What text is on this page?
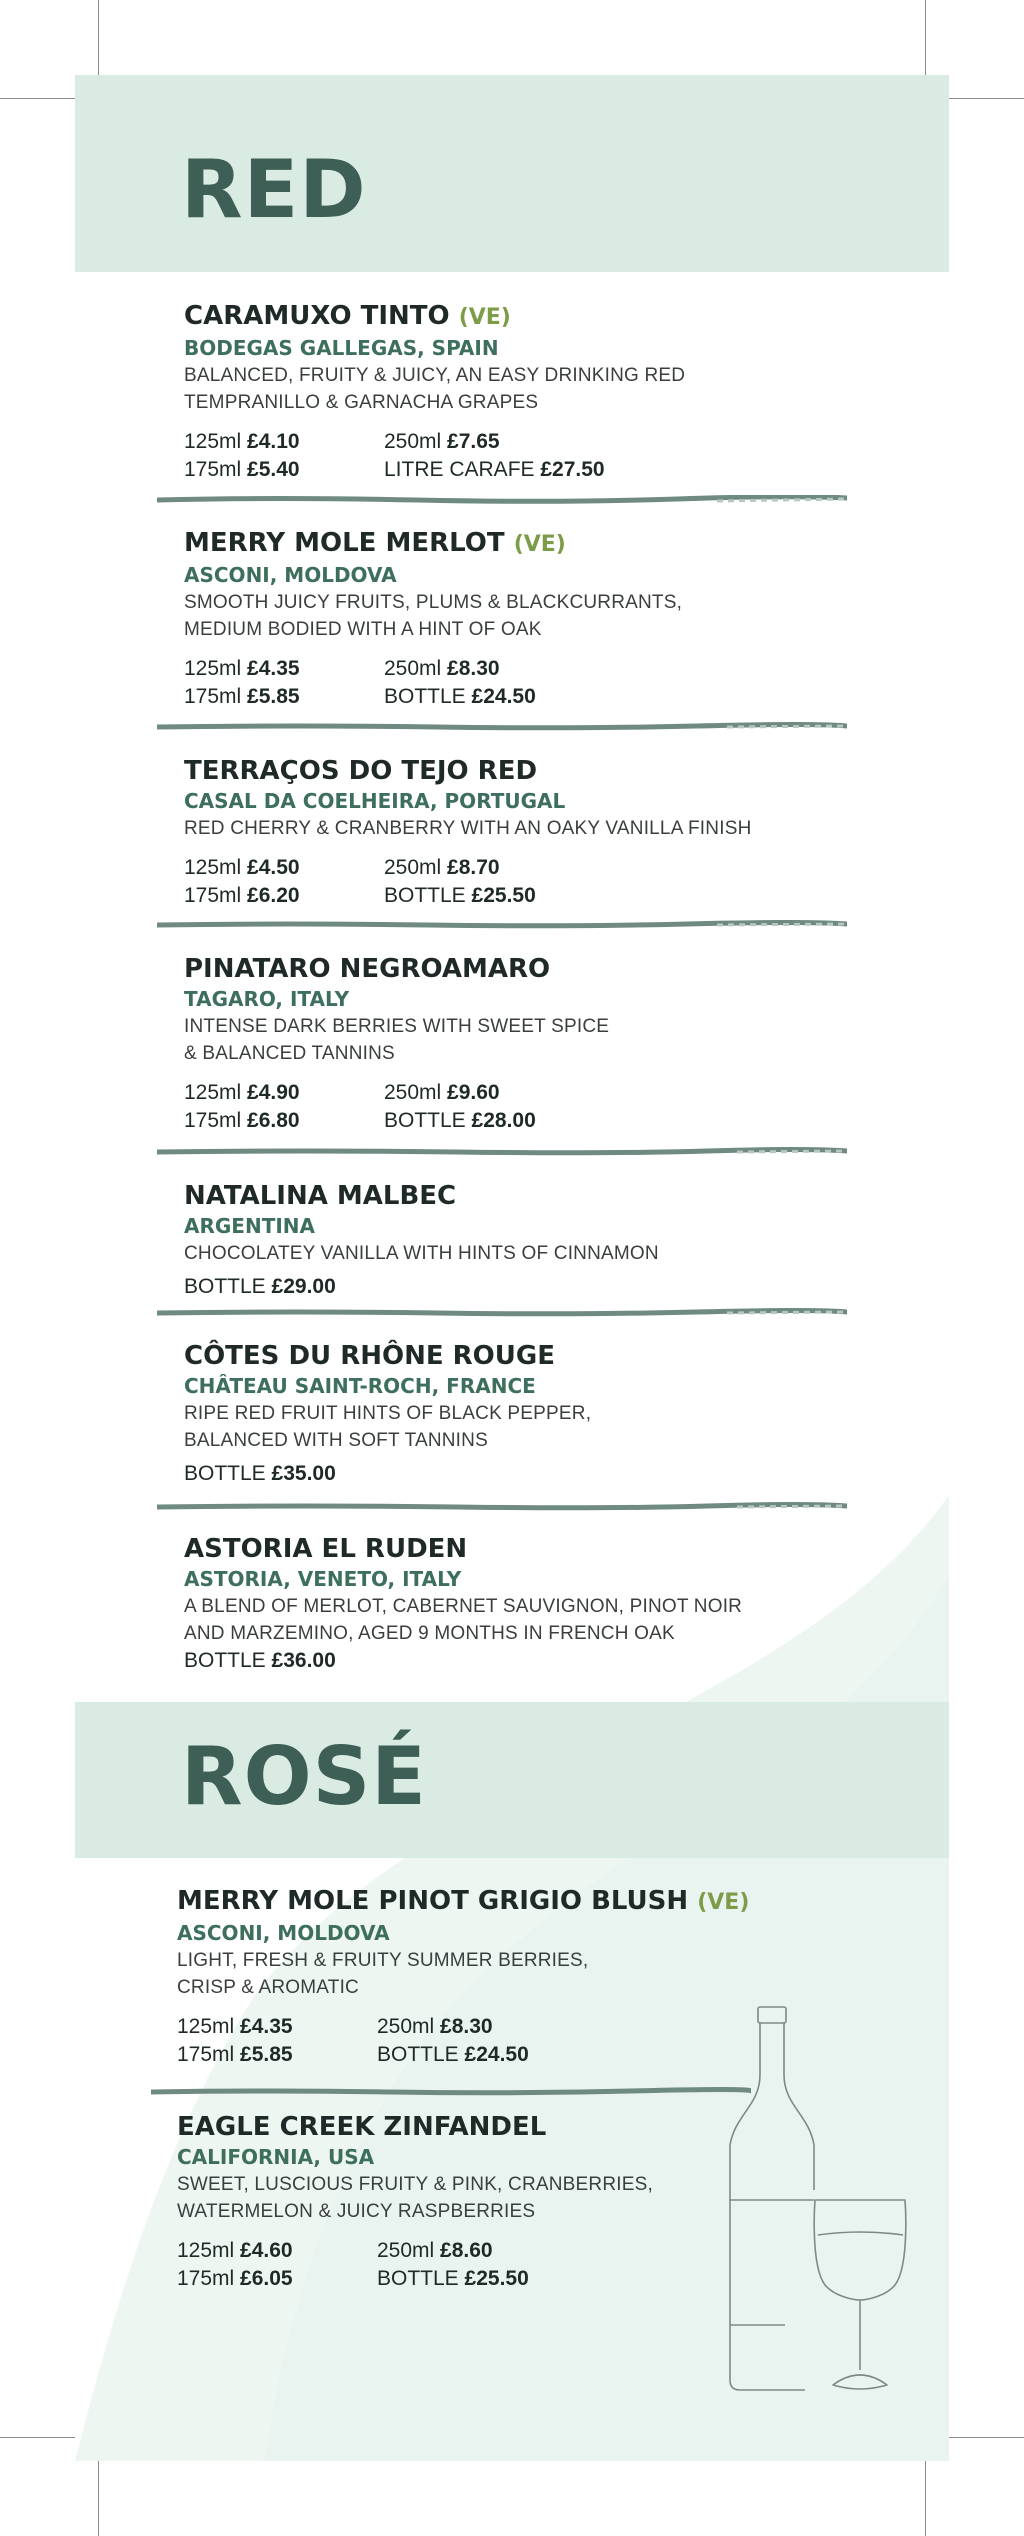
RED
CARAMUXO TINTO (VE)
BODEGAS GALLEGAS, SPAIN
BALANCED, FRUITY & JUICY, AN EASY DRINKING RED
TEMPRANILLO & GARNACHA GRAPES
125ml £4.10	250ml £7.65
175ml £5.40	LITRE CARAFE £27.50
MERRY MOLE MERLOT (VE)
ASCONI, MOLDOVA
SMOOTH JUICY FRUITS, PLUMS & BLACKCURRANTS,
MEDIUM BODIED WITH A HINT OF OAK
125ml £4.35	250ml £8.30
175ml £5.85	BOTTLE £24.50
TERRAÇOS DO TEJO RED
CASAL DA COELHEIRA, PORTUGAL
RED CHERRY & CRANBERRY WITH AN OAKY VANILLA FINISH
125ml £4.50	250ml £8.70
175ml £6.20	BOTTLE £25.50
PINATARO NEGROAMARO
TAGARO, ITALY
INTENSE DARK BERRIES WITH SWEET SPICE
& BALANCED TANNINS
125ml £4.90	250ml £9.60
175ml £6.80	BOTTLE £28.00
NATALINA MALBEC
ARGENTINA
CHOCOLATEY VANILLA WITH HINTS OF CINNAMON
BOTTLE £29.00
CÔTES DU RHÔNE ROUGE
CHÂTEAU SAINT-ROCH, FRANCE
RIPE RED FRUIT HINTS OF BLACK PEPPER,
BALANCED WITH SOFT TANNINS
BOTTLE £35.00
ASTORIA EL RUDEN
ASTORIA, VENETO, ITALY
A BLEND OF MERLOT, CABERNET SAUVIGNON, PINOT NOIR
AND MARZEMINO, AGED 9 MONTHS IN FRENCH OAK
BOTTLE £36.00
ROSÉ
MERRY MOLE PINOT GRIGIO BLUSH (VE)
ASCONI, MOLDOVA
LIGHT, FRESH & FRUITY SUMMER BERRIES,
CRISP & AROMATIC
125ml £4.35	250ml £8.30
175ml £5.85	BOTTLE £24.50
EAGLE CREEK ZINFANDEL
CALIFORNIA, USA
SWEET, LUSCIOUS FRUITY & PINK, CRANBERRIES,
WATERMELON & JUICY RASPBERRIES
125ml £4.60	250ml £8.60
175ml £6.05	BOTTLE £25.50
